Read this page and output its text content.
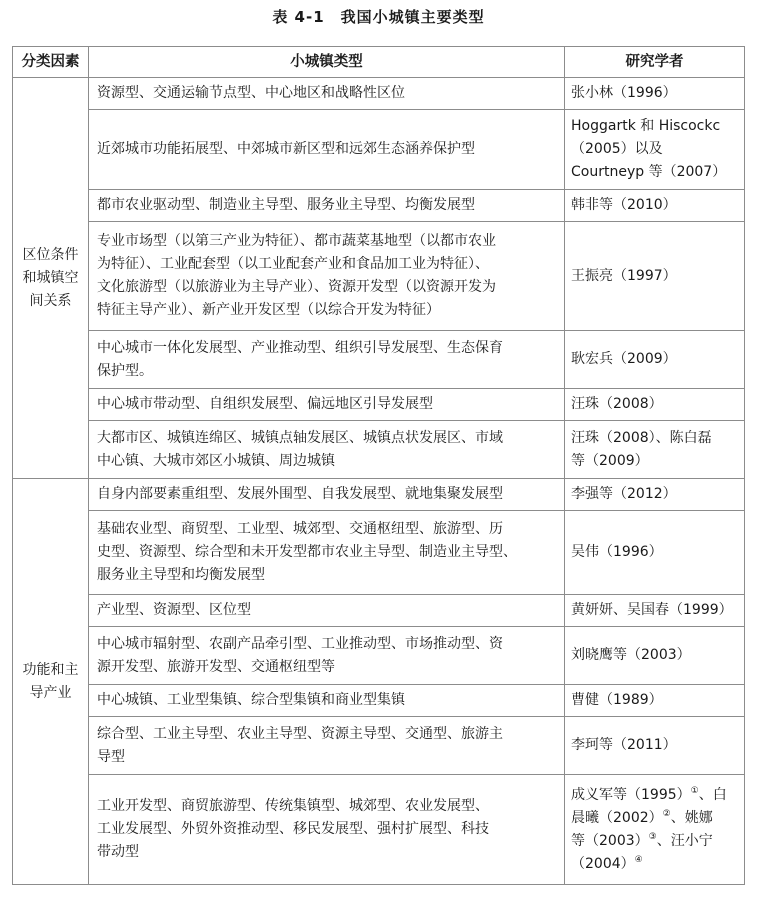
表 4-1　我国小城镇主要类型
分类因素	小城镇类型	研究学者
区位条件
和城镇空
间关系	资源型、交通运输节点型、中心地区和战略性区位	张小林（1996）
	近郊城市功能拓展型、中郊城市新区型和远郊生态涵养保护型	Hoggartk 和 Hiscockc
（2005）以及
Courtneyp 等（2007）
	都市农业驱动型、制造业主导型、服务业主导型、均衡发展型	韩非等（2010）
	专业市场型（以第三产业为特征）、都市蔬菜基地型（以都市农业
为特征）、工业配套型（以工业配套产业和食品加工业为特征）、
文化旅游型（以旅游业为主导产业）、资源开发型（以资源开发为
特征主导产业）、新产业开发区型（以综合开发为特征）	王振亮（1997）
	中心城市一体化发展型、产业推动型、组织引导发展型、生态保育
保护型。	耿宏兵（2009）
	中心城市带动型、自组织发展型、偏远地区引导发展型	汪珠（2008）
	大都市区、城镇连绵区、城镇点轴发展区、城镇点状发展区、市域
中心镇、大城市郊区小城镇、周边城镇	汪珠（2008）、陈白磊
等（2009）
功能和主
导产业	自身内部要素重组型、发展外围型、自我发展型、就地集聚发展型	李强等（2012）
	基础农业型、商贸型、工业型、城郊型、交通枢纽型、旅游型、历
史型、资源型、综合型和未开发型都市农业主导型、制造业主导型、
服务业主导型和均衡发展型	吴伟（1996）
	产业型、资源型、区位型	黄妍妍、吴国春（1999）
	中心城市辐射型、农副产品牵引型、工业推动型、市场推动型、资
源开发型、旅游开发型、交通枢纽型等	刘晓鹰等（2003）
	中心城镇、工业型集镇、综合型集镇和商业型集镇	曹健（1989）
	综合型、工业主导型、农业主导型、资源主导型、交通型、旅游主
导型	李珂等（2011）
	工业开发型、商贸旅游型、传统集镇型、城郊型、农业发展型、
工业发展型、外贸外资推动型、移民发展型、强村扩展型、科技
带动型	成义军等（1995）①、白
晨曦（2002）②、姚娜
等（2003）③、汪小宁
（2004）④
